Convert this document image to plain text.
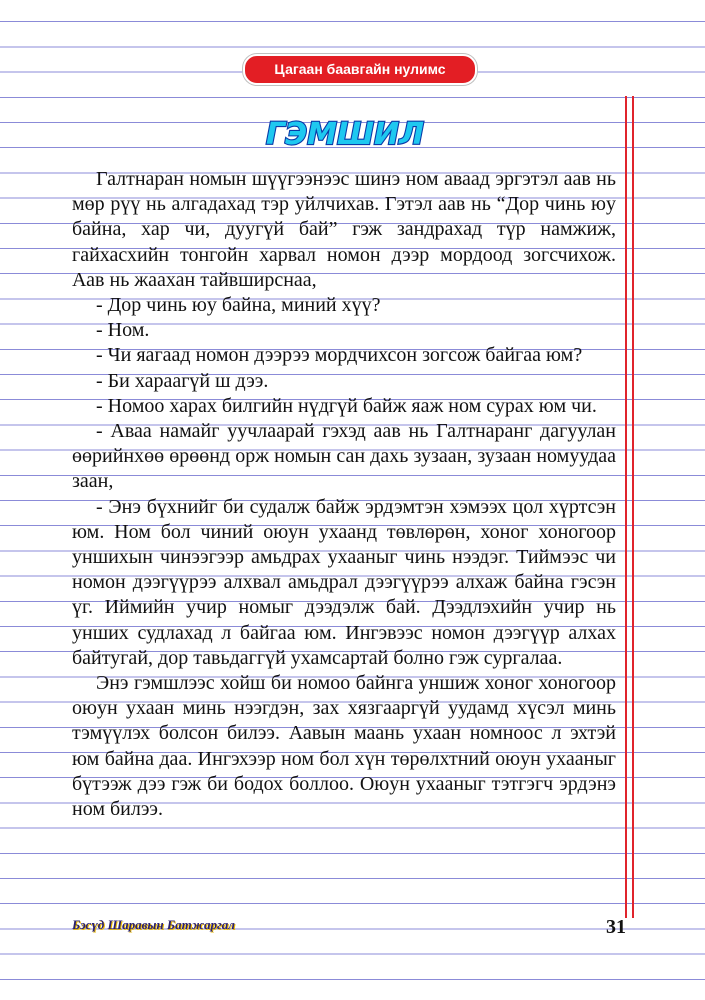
Цагаан баавгайн нулимс
ГЭМШИЛ

Галтнаран номын шүүгээнээс шинэ ном аваад эргэтэл аав нь мөр рүү нь алгадахад тэр уйлчихав. Гэтэл аав нь “Дор чинь юу байна, хар чи, дуугүй бай” гэж зандрахад түр намжиж, гайхасхийн тонгойн харвал номон дээр мордоод зогсчихож. Аав нь жаахан тайвширснаа,

- Дор чинь юу байна, миний хүү?

- Ном.

- Чи яагаад номон дээрээ мордчихсон зогсож байгаа юм?

- Би хараагүй ш дээ.

- Номоо харах билгийн нүдгүй байж яаж ном сурах юм чи.

- Аваа намайг уучлаарай гэхэд аав нь Галтнаранг дагуулан өөрийнхөө өрөөнд орж номын сан дахь зузаан, зузаан номуудаа заан,

- Энэ бүхнийг би судалж байж эрдэмтэн хэмээх цол хүртсэн юм. Ном бол чиний оюун ухаанд төвлөрөн, хоног хоногоор уншихын чинээгээр амьдрах ухааныг чинь нээдэг. Тиймээс чи номон дээгүүрээ алхвал амьдрал дээгүүрээ алхаж байна гэсэн үг. Иймийн учир номыг дээдэлж бай. Дээдлэхийн учир нь унших судлахад л байгаа юм. Ингэвээс номон дээгүүр алхах байтугай, дор тавьдаггүй ухамсартай болно гэж сургалаа.

Энэ гэмшлээс хойш би номоо байнга уншиж хоног хоногоор оюун ухаан минь нээгдэн, зах хязгааргүй уудамд хүсэл минь тэмүүлэх болсон билээ. Аавын маань ухаан номноос л эхтэй юм байна даа. Ингэхээр ном бол хүн төрөлхтний оюун ухааныг бүтээж дээ гэж би бодох боллоо. Оюун ухааныг тэтгэгч эрдэнэ ном билээ.

Бэсүд Шаравын Батжаргал	31
